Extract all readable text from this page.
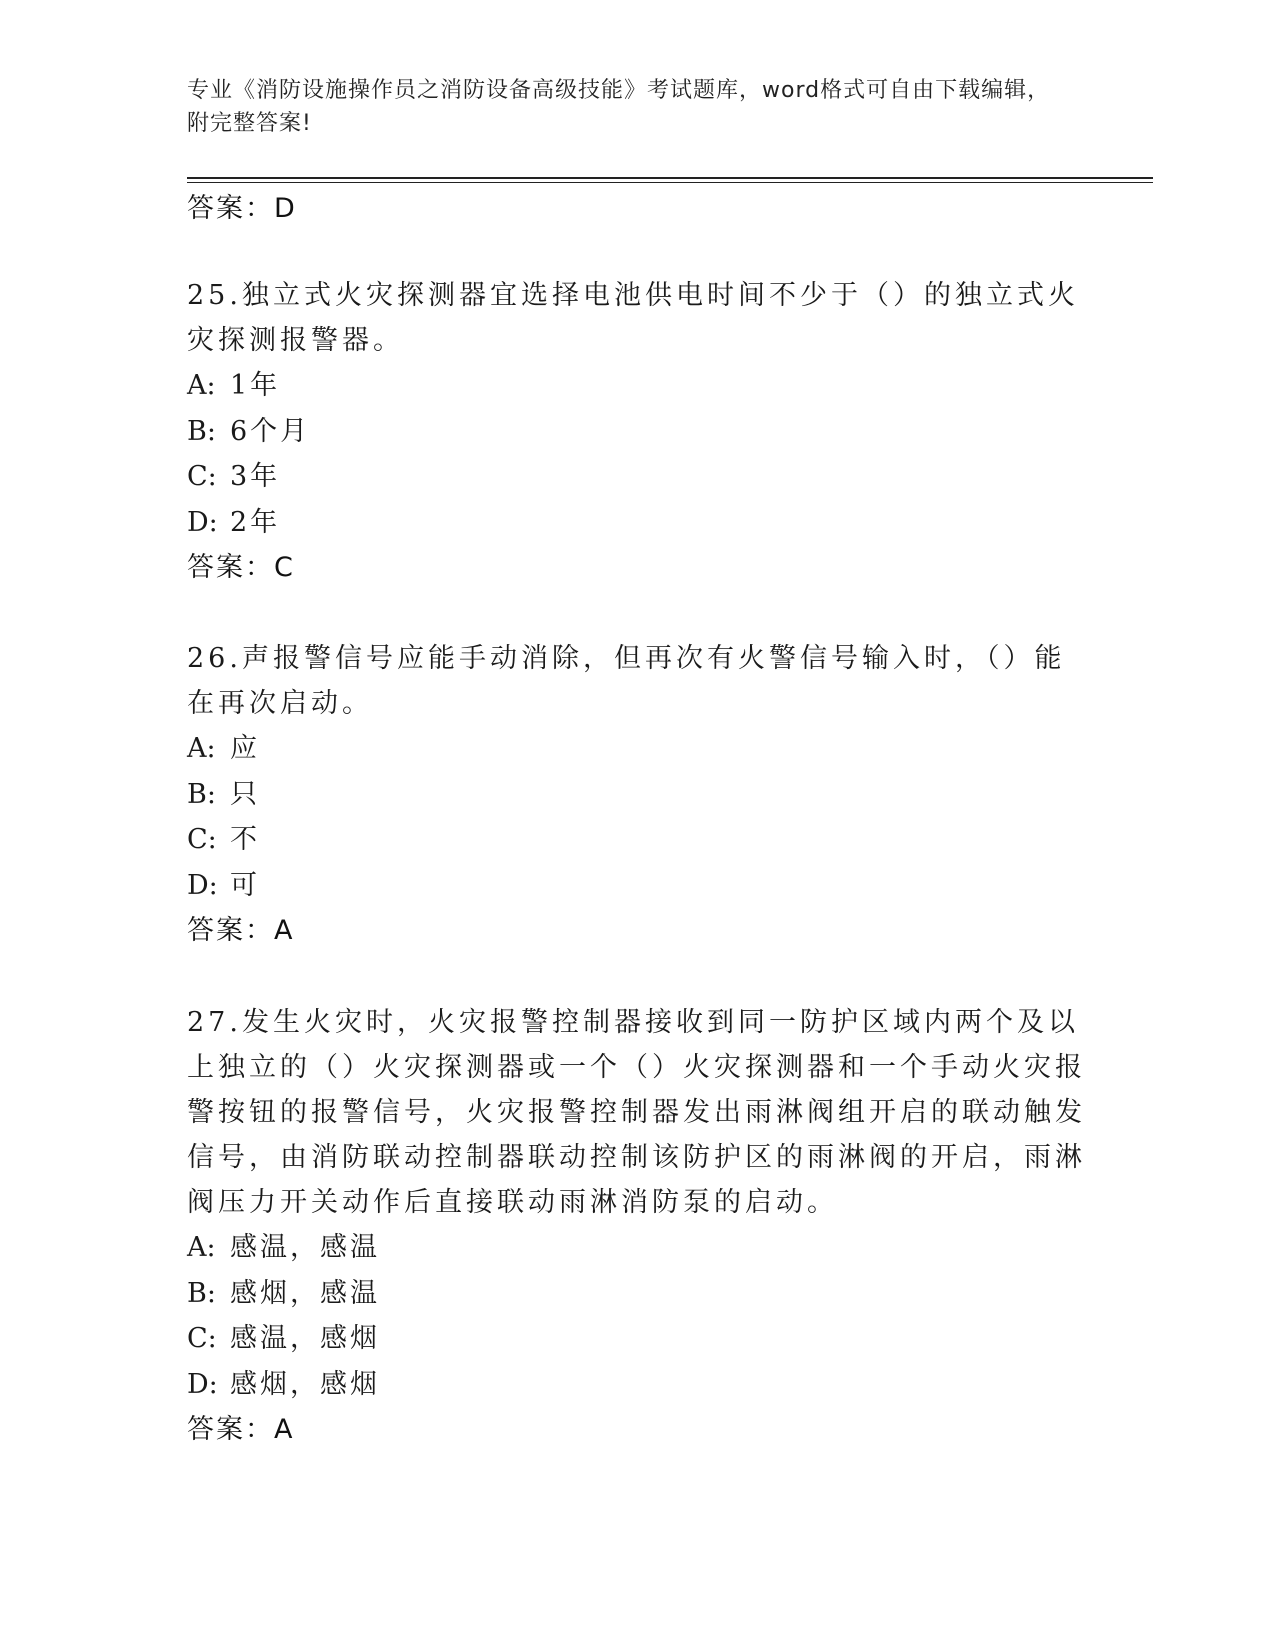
专业《消防设施操作员之消防设备高级技能》考试题库，word格式可自由下载编辑，附完整答案!
答案：D

25.独立式火灾探测器宜选择电池供电时间不少于（）的独立式火灾探测报警器。

A: 1年
B: 6个月
C: 3年
D: 2年
答案：C

26.声报警信号应能手动消除，但再次有火警信号输入时，（）能在再次启动。

A: 应
B: 只
C: 不
D: 可
答案：A

27.发生火灾时，火灾报警控制器接收到同一防护区域内两个及以上独立的（）火灾探测器或一个（）火灾探测器和一个手动火灾报警按钮的报警信号，火灾报警控制器发出雨淋阀组开启的联动触发信号，由消防联动控制器联动控制该防护区的雨淋阀的开启，雨淋阀压力开关动作后直接联动雨淋消防泵的启动。

A: 感温，感温
B: 感烟，感温
C: 感温，感烟
D: 感烟，感烟
答案：A
